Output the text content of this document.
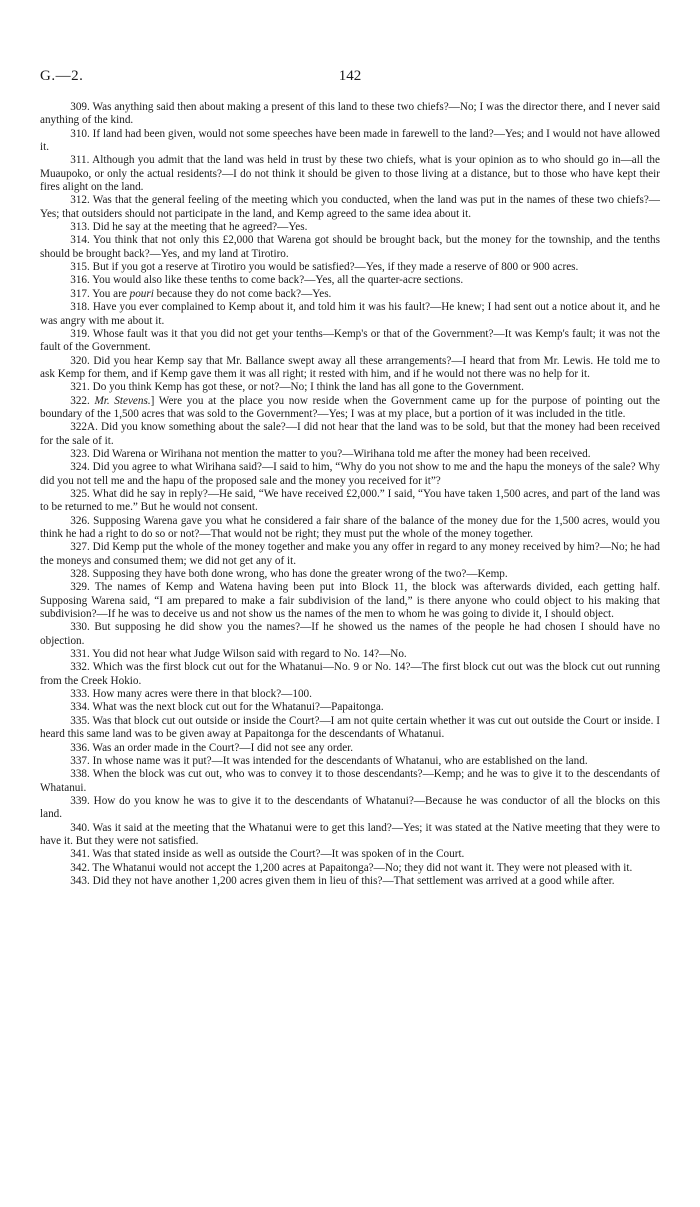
G.—2.	142

309. Was anything said then about making a present of this land to these two chiefs?—No; I was the director there, and I never said anything of the kind.

310. If land had been given, would not some speeches have been made in farewell to the land?—Yes; and I would not have allowed it.

311. Although you admit that the land was held in trust by these two chiefs, what is your opinion as to who should go in—all the Muaupoko, or only the actual residents?—I do not think it should be given to those living at a distance, but to those who have kept their fires alight on the land.

312. Was that the general feeling of the meeting which you conducted, when the land was put in the names of these two chiefs?—Yes; that outsiders should not participate in the land, and Kemp agreed to the same idea about it.

313. Did he say at the meeting that he agreed?—Yes.

314. You think that not only this £2,000 that Warena got should be brought back, but the money for the township, and the tenths should be brought back?—Yes, and my land at Tirotiro.

315. But if you got a reserve at Tirotiro you would be satisfied?—Yes, if they made a reserve of 800 or 900 acres.

316. You would also like these tenths to come back?—Yes, all the quarter-acre sections.

317. You are pouri because they do not come back?—Yes.

318. Have you ever complained to Kemp about it, and told him it was his fault?—He knew; I had sent out a notice about it, and he was angry with me about it.

319. Whose fault was it that you did not get your tenths—Kemp's or that of the Government?—It was Kemp's fault; it was not the fault of the Government.

320. Did you hear Kemp say that Mr. Ballance swept away all these arrangements?—I heard that from Mr. Lewis. He told me to ask Kemp for them, and if Kemp gave them it was all right; it rested with him, and if he would not there was no help for it.

321. Do you think Kemp has got these, or not?—No; I think the land has all gone to the Government.

322. Mr. Stevens.] Were you at the place you now reside when the Government came up for the purpose of pointing out the boundary of the 1,500 acres that was sold to the Government?—Yes; I was at my place, but a portion of it was included in the title.

322A. Did you know something about the sale?—I did not hear that the land was to be sold, but that the money had been received for the sale of it.

323. Did Warena or Wirihana not mention the matter to you?—Wirihana told me after the money had been received.

324. Did you agree to what Wirihana said?—I said to him, “Why do you not show to me and the hapu the moneys of the sale? Why did you not tell me and the hapu of the proposed sale and the money you received for it”?

325. What did he say in reply?—He said, “We have received £2,000.” I said, “You have taken 1,500 acres, and part of the land was to be returned to me.” But he would not consent.

326. Supposing Warena gave you what he considered a fair share of the balance of the money due for the 1,500 acres, would you think he had a right to do so or not?—That would not be right; they must put the whole of the money together.

327. Did Kemp put the whole of the money together and make you any offer in regard to any money received by him?—No; he had the moneys and consumed them; we did not get any of it.

328. Supposing they have both done wrong, who has done the greater wrong of the two?—Kemp.

329. The names of Kemp and Watena having been put into Block 11, the block was afterwards divided, each getting half. Supposing Warena said, “I am prepared to make a fair subdivision of the land,” is there anyone who could object to his making that subdivision?—If he was to deceive us and not show us the names of the men to whom he was going to divide it, I should object.

330. But supposing he did show you the names?—If he showed us the names of the people he had chosen I should have no objection.

331. You did not hear what Judge Wilson said with regard to No. 14?—No.

332. Which was the first block cut out for the Whatanui—No. 9 or No. 14?—The first block cut out was the block cut out running from the Creek Hokio.

333. How many acres were there in that block?—100.

334. What was the next block cut out for the Whatanui?—Papaitonga.

335. Was that block cut out outside or inside the Court?—I am not quite certain whether it was cut out outside the Court or inside. I heard this same land was to be given away at Papaitonga for the descendants of Whatanui.

336. Was an order made in the Court?—I did not see any order.

337. In whose name was it put?—It was intended for the descendants of Whatanui, who are established on the land.

338. When the block was cut out, who was to convey it to those descendants?—Kemp; and he was to give it to the descendants of Whatanui.

339. How do you know he was to give it to the descendants of Whatanui?—Because he was conductor of all the blocks on this land.

340. Was it said at the meeting that the Whatanui were to get this land?—Yes; it was stated at the Native meeting that they were to have it. But they were not satisfied.

341. Was that stated inside as well as outside the Court?—It was spoken of in the Court.

342. The Whatanui would not accept the 1,200 acres at Papaitonga?—No; they did not want it. They were not pleased with it.

343. Did they not have another 1,200 acres given them in lieu of this?—That settlement was arrived at a good while after.
